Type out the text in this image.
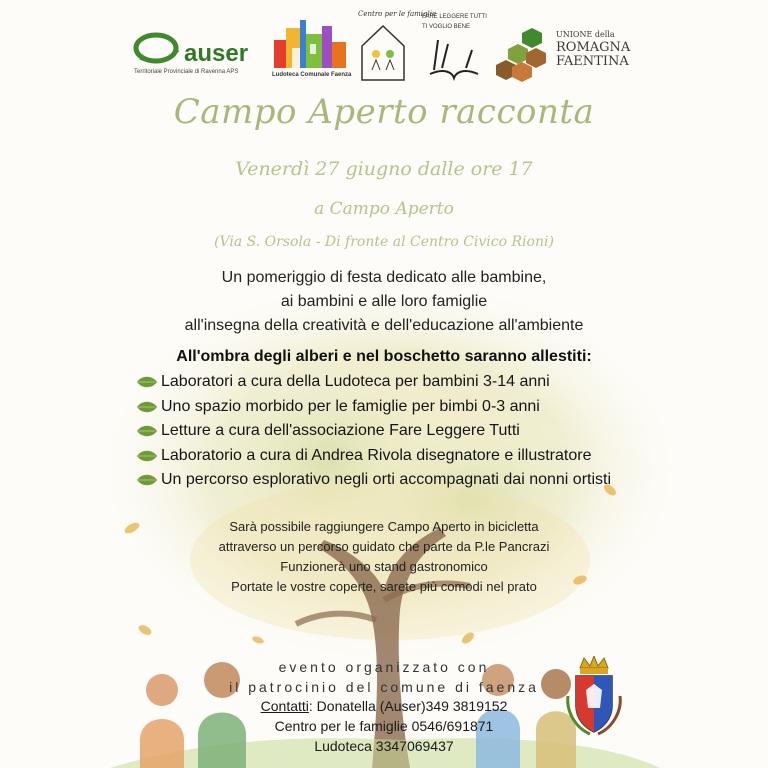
auser
Territoriale Provinciale di Ravenna APS	Ludoteca Comunale Faenza
Centro per le famiglie
FARE LEGGERE TUTTI
TI VOGLIO BENE
UNIONE della
ROMAGNA
FAENTINA
Campo Aperto racconta
Venerdì 27 giugno dalle ore 17
a Campo Aperto
(Via S. Orsola - Di fronte al Centro Civico Rioni)
Un pomeriggio di festa dedicato alle bambine,
ai bambini e alle loro famiglie
all'insegna della creatività e dell'educazione all'ambiente
All'ombra degli alberi e nel boschetto saranno allestiti:
Laboratori a cura della Ludoteca per bambini 3-14 anni
Uno spazio morbido per le famiglie per bimbi 0-3 anni
Letture a cura dell'associazione Fare Leggere Tutti
Laboratorio a cura di Andrea Rivola disegnatore e illustratore
Un percorso esplorativo negli orti accompagnati dai nonni ortisti
Sarà possibile raggiungere Campo Aperto in bicicletta
attraverso un percorso guidato che parte da P.le Pancrazi
Funzionerà uno stand gastronomico
Portate le vostre coperte, sarete più comodi nel prato
evento organizzato con
il patrocinio del comune di faenza
Contatti: Donatella (Auser)349 3819152
Centro per le famiglie 0546/691871
Ludoteca 3347069437
